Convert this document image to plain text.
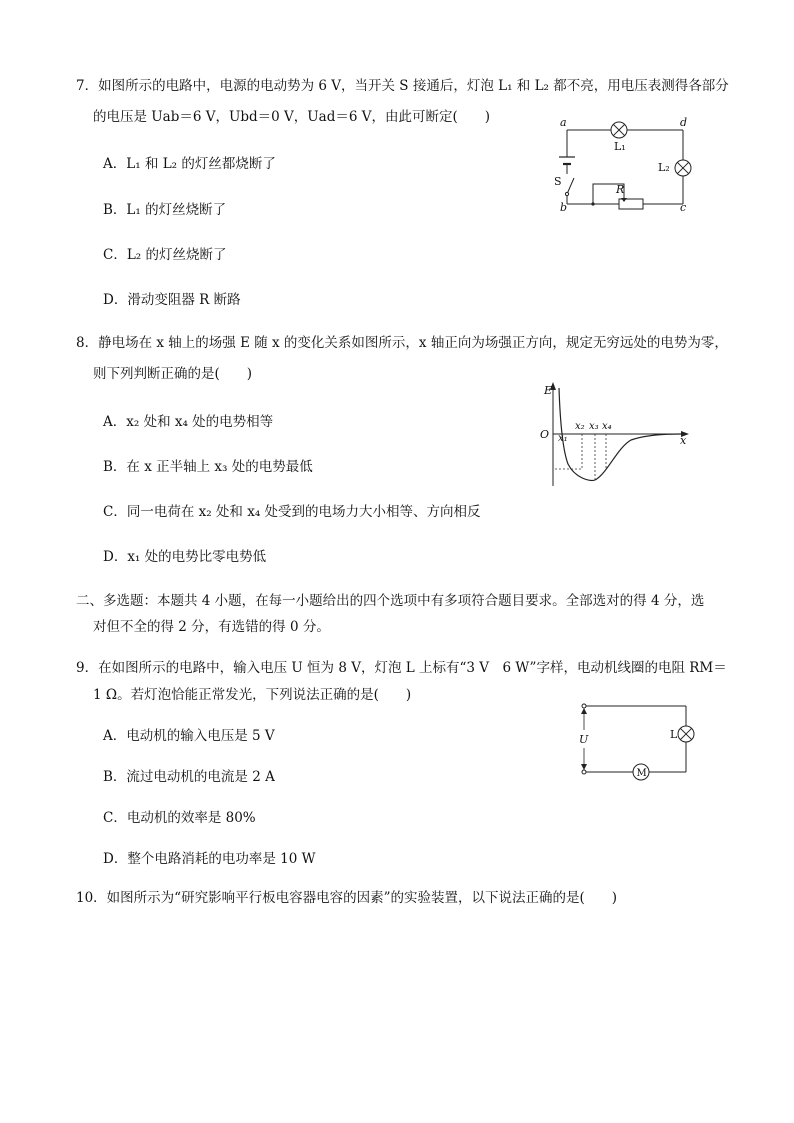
7．如图所示的电路中，电源的电动势为 6 V，当开关 S 接通后，灯泡 L₁ 和 L₂ 都不亮，用电压表测得各部分
的电压是 Uab＝6 V，Ubd＝0 V，Uad＝6 V，由此可断定(　　)
A．L₁ 和 L₂ 的灯丝都烧断了
B．L₁ 的灯丝烧断了
C．L₂ 的灯丝烧断了
D．滑动变阻器 R 断路
a
b	c
d
R
L₁
L₂
S
8．静电场在 x 轴上的场强 E 随 x 的变化关系如图所示，x 轴正向为场强正方向，规定无穷远处的电势为零，
则下列判断正确的是(　　)
A．x₂ 处和 x₄ 处的电势相等
B．在 x 正半轴上 x₃ 处的电势最低
C．同一电荷在 x₂ 处和 x₄ 处受到的电场力大小相等、方向相反
D．x₁ 处的电势比零电势低
E
O	x
x₁
x₂ x₃ x₄
二、多选题：本题共 4 小题，在每一小题给出的四个选项中有多项符合题目要求。全部选对的得 4 分，选
对但不全的得 2 分，有选错的得 0 分。
9．在如图所示的电路中，输入电压 U 恒为 8 V，灯泡 L 上标有“3 V　6 W”字样，电动机线圈的电阻 RM＝
1 Ω。若灯泡恰能正常发光，下列说法正确的是(　　)
A．电动机的输入电压是 5 V
B．流过电动机的电流是 2 A
C．电动机的效率是 80%
D．整个电路消耗的电功率是 10 W
U	L
M
10．如图所示为“研究影响平行板电容器电容的因素”的实验装置，以下说法正确的是(　　)
